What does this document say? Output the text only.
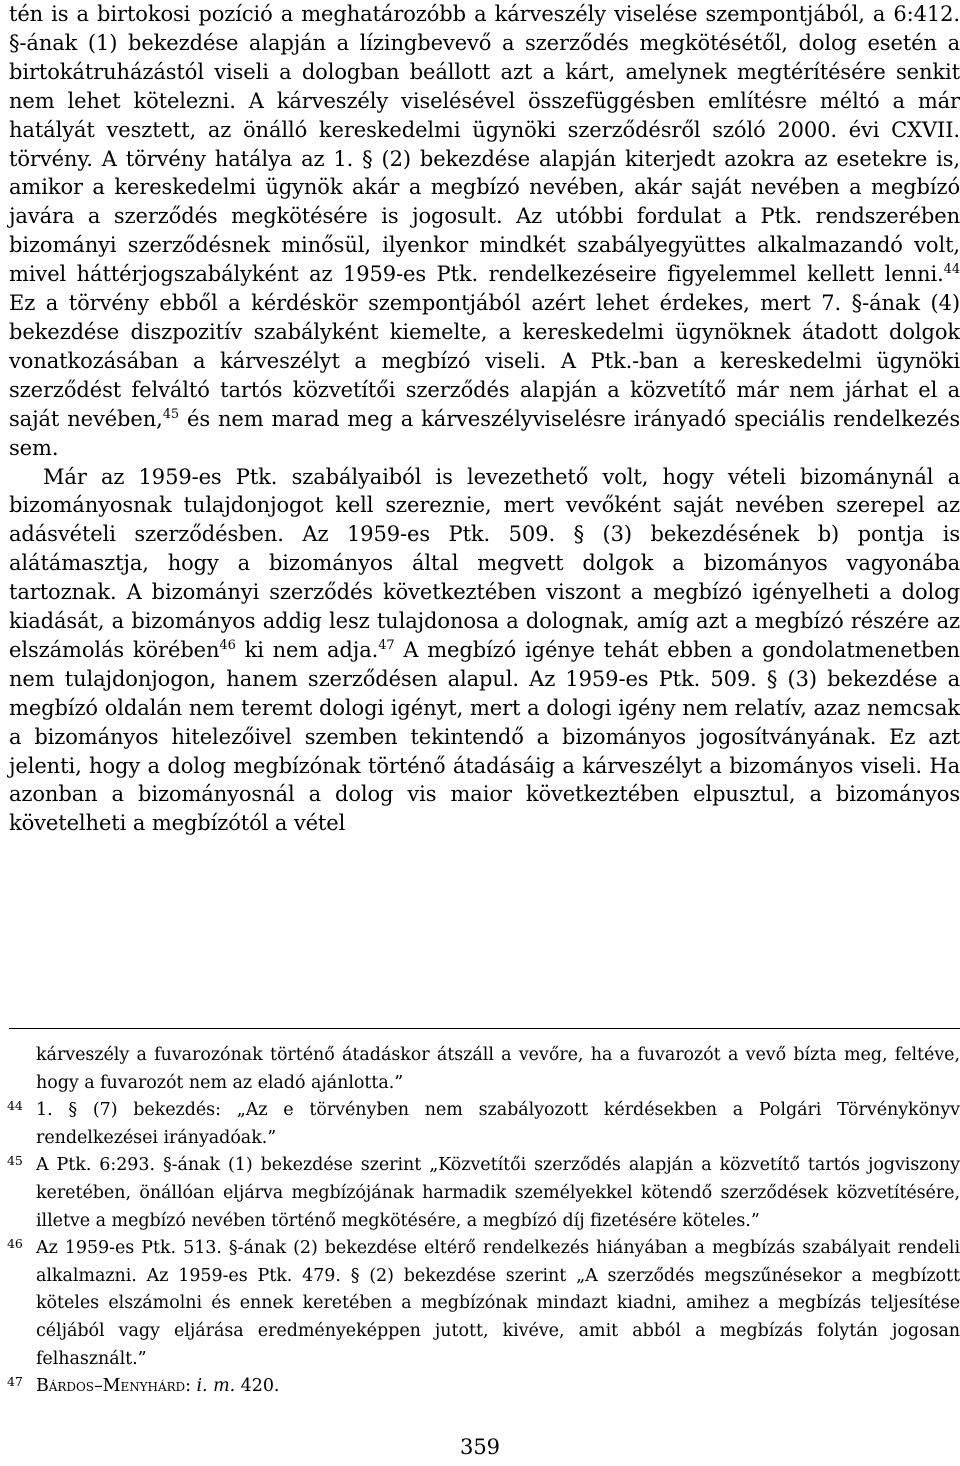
tén is a birtokosi pozíció a meghatározóbb a kárveszély viselése szempontjából, a 6:412. §-ának (1) bekezdése alapján a lízingbevevő a szerződés megkötésétől, dolog esetén a birtokátruházástól viseli a dologban beállott azt a kárt, amelynek megtérítésére senkit nem lehet kötelezni. A kárveszély viselésével összefüggésben említésre méltó a már hatályát vesztett, az önálló kereskedelmi ügynöki szerződésről szóló 2000. évi CXVII. törvény. A törvény hatálya az 1. § (2) bekezdése alapján kiterjedt azokra az esetekre is, amikor a kereskedelmi ügynök akár a megbízó nevében, akár saját nevében a megbízó javára a szerződés megkötésére is jogosult. Az utóbbi fordulat a Ptk. rendszerében bizományi szerződésnek minősül, ilyenkor mindkét szabályegyüttes alkalmazandó volt, mivel háttérjogszabályként az 1959-es Ptk. rendelkezéseire figyelemmel kellett lenni.$^{44}$ Ez a törvény ebből a kérdéskör szempontjából azért lehet érdekes, mert 7. §-ának (4) bekezdése diszpozitív szabályként kiemelte, a kereskedelmi ügynöknek átadott dolgok vonatkozásában a kárveszélyt a megbízó viseli. A Ptk.-ban a kereskedelmi ügynöki szerződést felváltó tartós közvetítői szerződés alapján a közvetítő már nem járhat el a saját nevében,$^{45}$ és nem marad meg a kárveszélyviselésre irányadó speciális rendelkezés sem.

Már az 1959-es Ptk. szabályaiból is levezethető volt, hogy vételi bizománynál a bizományosnak tulajdonjogot kell szereznie, mert vevőként saját nevében szerepel az adásvételi szerződésben. Az 1959-es Ptk. 509. § (3) bekezdésének b) pontja is alátámasztja, hogy a bizományos által megvett dolgok a bizományos vagyonába tartoznak. A bizományi szerződés következtében viszont a megbízó igényelheti a dolog kiadását, a bizományos addig lesz tulajdonosa a dolognak, amíg azt a megbízó részére az elszámolás körében$^{46}$ ki nem adja.$^{47}$ A megbízó igénye tehát ebben a gondolatmenetben nem tulajdonjogon, hanem szerződésen alapul. Az 1959-es Ptk. 509. § (3) bekezdése a megbízó oldalán nem teremt dologi igényt, mert a dologi igény nem relatív, azaz nemcsak a bizományos hitelezőivel szemben tekintendő a bizományos jogosítványának. Ez azt jelenti, hogy a dolog megbízónak történő átadásáig a kárveszélyt a bizományos viseli. Ha azonban a bizományosnál a dolog vis maior következtében elpusztul, a bizományos követelheti a megbízótól a vétel

kárveszély a fuvarozónak történő átadáskor átszáll a vevőre, ha a fuvarozót a vevő bízta meg, feltéve, hogy a fuvarozót nem az eladó ajánlotta.”
44 1. § (7) bekezdés: „Az e törvényben nem szabályozott kérdésekben a Polgári Törvénykönyv rendelkezései irányadóak.”
45 A Ptk. 6:293. §-ának (1) bekezdése szerint „Közvetítői szerződés alapján a közvetítő tartós jogviszony keretében, önállóan eljárva megbízójának harmadik személyekkel kötendő szerződések közvetítésére, illetve a megbízó nevében történő megkötésére, a megbízó díj fizetésére köteles.”
46 Az 1959-es Ptk. 513. §-ának (2) bekezdése eltérő rendelkezés hiányában a megbízás szabályait rendeli alkalmazni. Az 1959-es Ptk. 479. § (2) bekezdése szerint „A szerződés megszűnésekor a megbízott köteles elszámolni és ennek keretében a megbízónak mindazt kiadni, amihez a megbízás teljesítése céljából vagy eljárása eredményeképpen jutott, kivéve, amit abból a megbízás folytán jogosan felhasznált.”
47 Bárdos–Menyhárd: i. m. 420.
359
